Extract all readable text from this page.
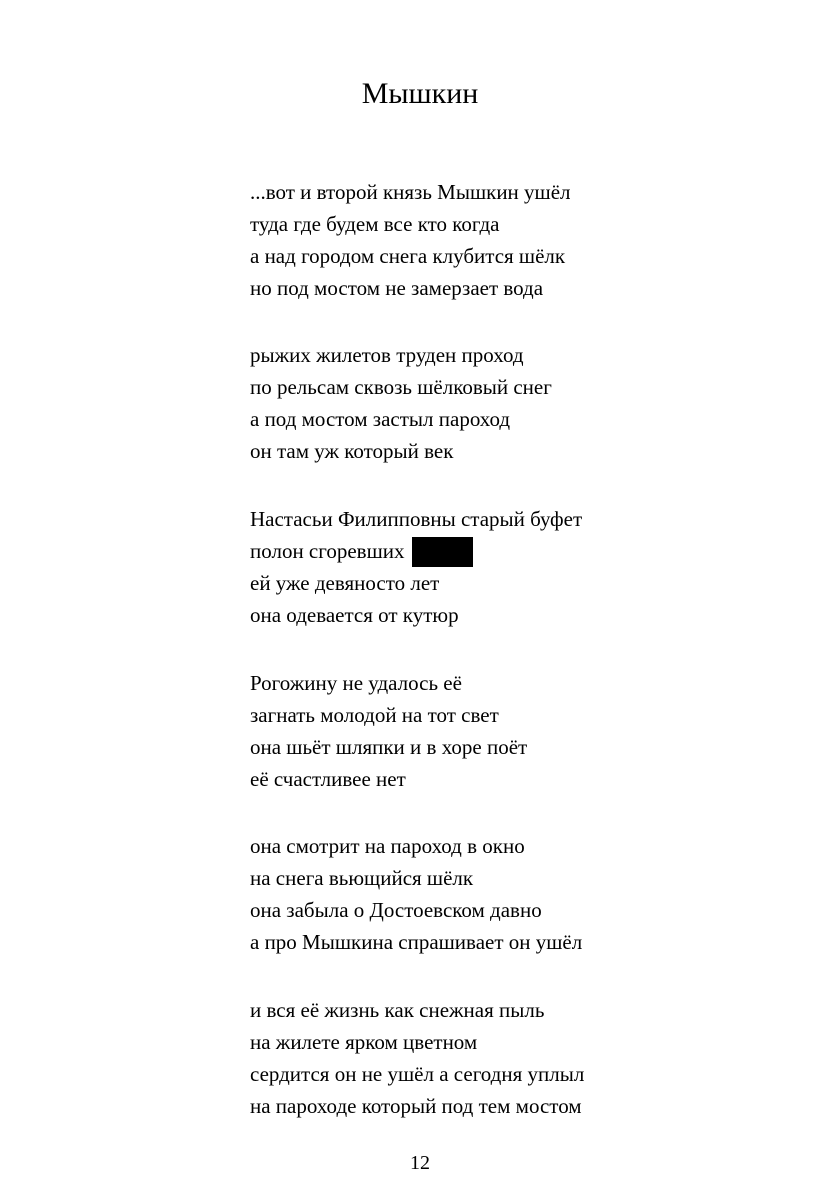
Мышкин
...вот и второй князь Мышкин ушёл
туда где будем все кто когда
а над городом снега клубится шёлк
но под мостом не замерзает вода
рыжих жилетов труден проход
по рельсам сквозь шёлковый снег
а под мостом застыл пароход
он там уж который век
Настасьи Филипповны старый буфет
полон сгоревших
ей уже девяносто лет
она одевается от кутюр
Рогожину не удалось её
загнать молодой на тот свет
она шьёт шляпки и в хоре поёт
её счастливее нет
она смотрит на пароход в окно
на снега вьющийся шёлк
она забыла о Достоевском давно
а про Мышкина спрашивает он ушёл
и вся её жизнь как снежная пыль
на жилете ярком цветном
сердится он не ушёл а сегодня уплыл
на пароходе который под тем мостом
12
